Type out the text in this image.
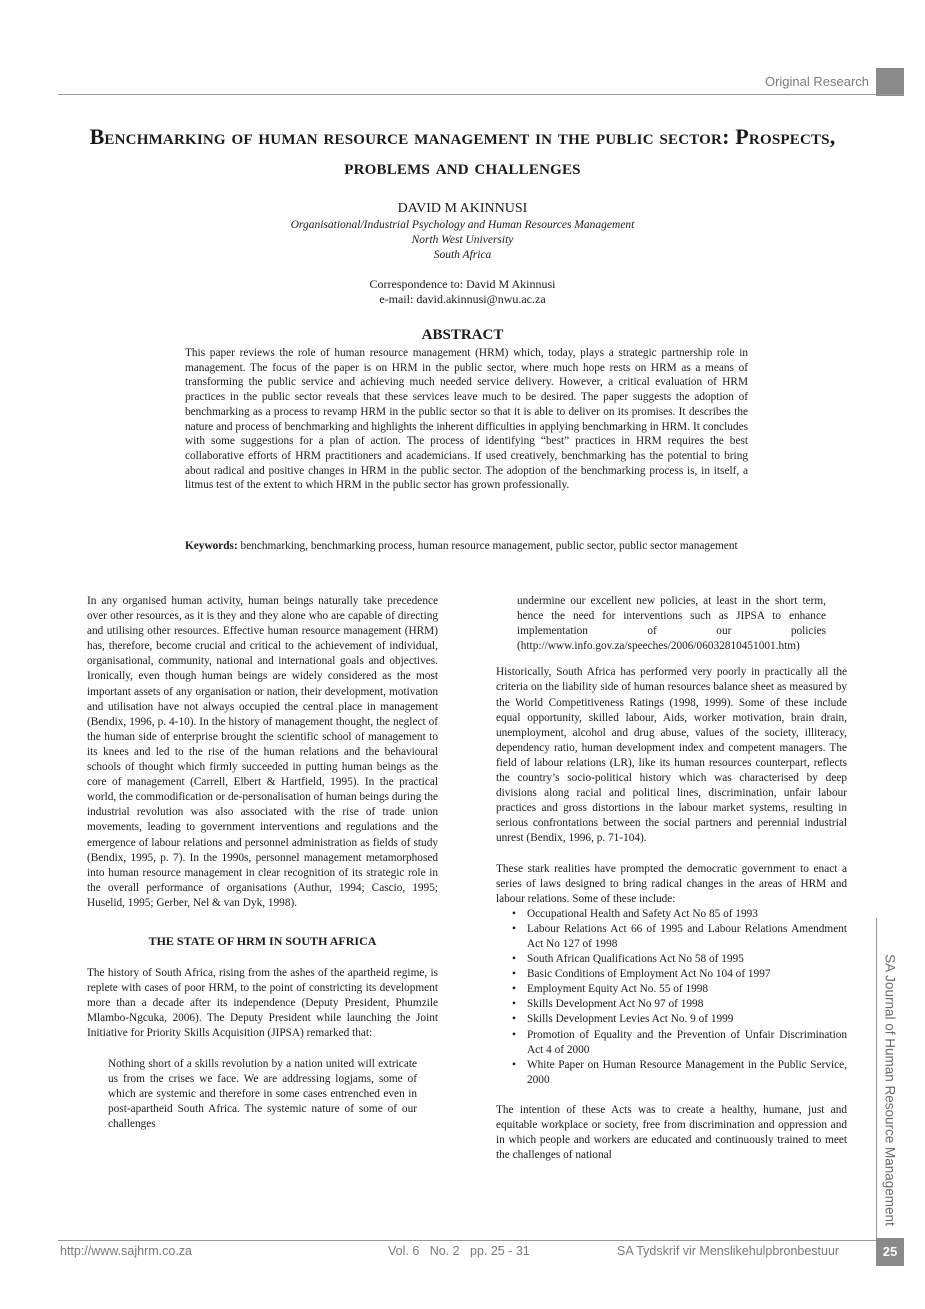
Original Research
Benchmarking of human resource management in the public sector: Prospects, problems and challenges
DAVID M AKINNUSI
Organisational/Industrial Psychology and Human Resources Management
North West University
South Africa
Correspondence to: David M Akinnusi
e-mail: david.akinnusi@nwu.ac.za
ABSTRACT

This paper reviews the role of human resource management (HRM) which, today, plays a strategic partnership role in management. The focus of the paper is on HRM in the public sector, where much hope rests on HRM as a means of transforming the public service and achieving much needed service delivery. However, a critical evaluation of HRM practices in the public sector reveals that these services leave much to be desired. The paper suggests the adoption of benchmarking as a process to revamp HRM in the public sector so that it is able to deliver on its promises. It describes the nature and process of benchmarking and highlights the inherent difficulties in applying benchmarking in HRM. It concludes with some suggestions for a plan of action. The process of identifying “best” practices in HRM requires the best collaborative efforts of HRM practitioners and academicians. If used creatively, benchmarking has the potential to bring about radical and positive changes in HRM in the public sector. The adoption of the benchmarking process is, in itself, a litmus test of the extent to which HRM in the public sector has grown professionally.

Keywords: benchmarking, benchmarking process, human resource management, public sector, public sector management

In any organised human activity, human beings naturally take precedence over other resources, as it is they and they alone who are capable of directing and utilising other resources. Effective human resource management (HRM) has, therefore, become crucial and critical to the achievement of individual, organisational, community, national and international goals and objectives. Ironically, even though human beings are widely considered as the most important assets of any organisation or nation, their development, motivation and utilisation have not always occupied the central place in management (Bendix, 1996, p. 4-10). In the history of management thought, the neglect of the human side of enterprise brought the scientific school of management to its knees and led to the rise of the human relations and the behavioural schools of thought which firmly succeeded in putting human beings as the core of management (Carrell, Elbert & Hartfield, 1995). In the practical world, the commodification or de-personalisation of human beings during the industrial revolution was also associated with the rise of trade union movements, leading to government interventions and regulations and the emergence of labour relations and personnel administration as fields of study (Bendix, 1995, p. 7). In the 1990s, personnel management metamorphosed into human resource management in clear recognition of its strategic role in the overall performance of organisations (Authur, 1994; Cascio, 1995; Huselid, 1995; Gerber, Nel & van Dyk, 1998).

THE STATE OF HRM IN SOUTH AFRICA

The history of South Africa, rising from the ashes of the apartheid regime, is replete with cases of poor HRM, to the point of constricting its development more than a decade after its independence (Deputy President, Phumzile Mlambo-Ngcuka, 2006). The Deputy President while launching the Joint Initiative for Priority Skills Acquisition (JIPSA) remarked that:

Nothing short of a skills revolution by a nation united will extricate us from the crises we face. We are addressing logjams, some of which are systemic and therefore in some cases entrenched even in post-apartheid South Africa. The systemic nature of some of our challenges

undermine our excellent new policies, at least in the short term, hence the need for interventions such as JIPSA to enhance implementation of our policies (http://www.info.gov.za/speeches/2006/06032810451001.htm)

Historically, South Africa has performed very poorly in practically all the criteria on the liability side of human resources balance sheet as measured by the World Competitiveness Ratings (1998, 1999). Some of these include equal opportunity, skilled labour, Aids, worker motivation, brain drain, unemployment, alcohol and drug abuse, values of the society, illiteracy, dependency ratio, human development index and competent managers. The field of labour relations (LR), like its human resources counterpart, reflects the country’s socio-political history which was characterised by deep divisions along racial and political lines, discrimination, unfair labour practices and gross distortions in the labour market systems, resulting in serious confrontations between the social partners and perennial industrial unrest (Bendix, 1996, p. 71-104).

These stark realities have prompted the democratic government to enact a series of laws designed to bring radical changes in the areas of HRM and labour relations. Some of these include:

• Occupational Health and Safety Act No 85 of 1993
• Labour Relations Act 66 of 1995 and Labour Relations Amendment Act No 127 of 1998
• South African Qualifications Act No 58 of 1995
• Basic Conditions of Employment Act No 104 of 1997
• Employment Equity Act No. 55 of 1998
• Skills Development Act No 97 of 1998
• Skills Development Levies Act No. 9 of 1999
• Promotion of Equality and the Prevention of Unfair Discrimination Act 4 of 2000
• White Paper on Human Resource Management in the Public Service, 2000

The intention of these Acts was to create a healthy, humane, just and equitable workplace or society, free from discrimination and oppression and in which people and workers are educated and continuously trained to meet the challenges of national	SA Journal of Human Resource Management
http://www.sajhrm.co.za	Vol. 6   No. 2   pp. 25 - 31	SA Tydskrif vir Menslikehulpbronbestuur	25
